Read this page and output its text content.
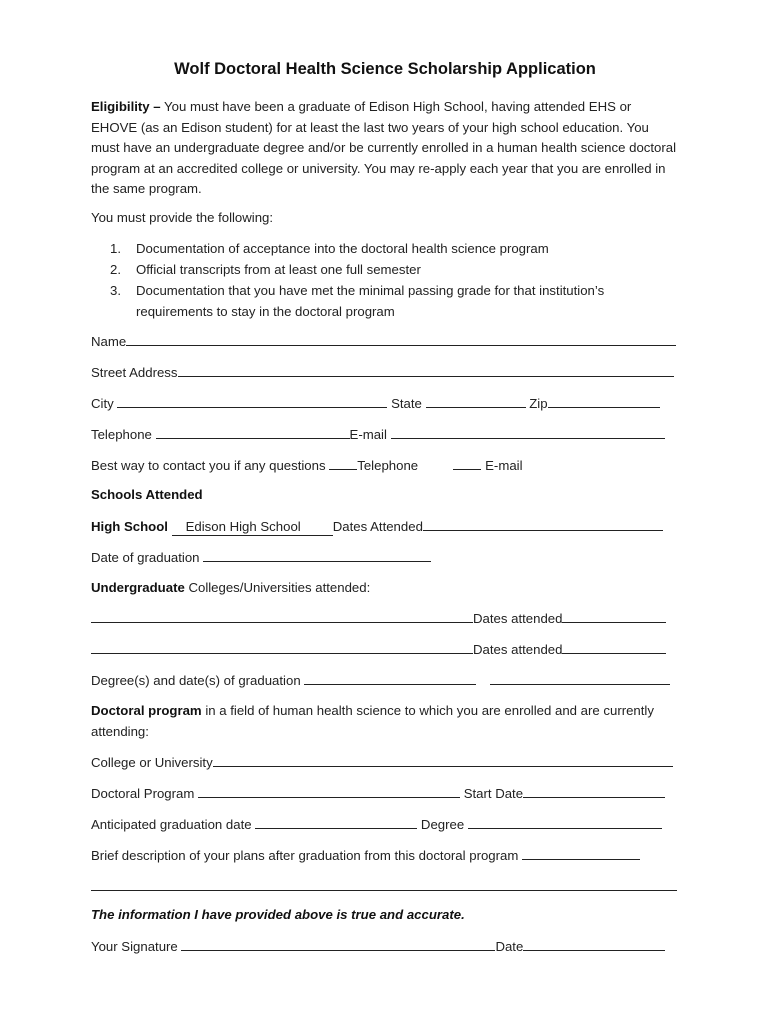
Wolf Doctoral Health Science Scholarship Application
Eligibility – You must have been a graduate of Edison High School, having attended EHS or EHOVE (as an Edison student) for at least the last two years of your high school education. You must have an undergraduate degree and/or be currently enrolled in a human health science doctoral program at an accredited college or university. You may re-apply each year that you are enrolled in the same program.
You must provide the following:
1.	Documentation of acceptance into the doctoral health science program
2.	Official transcripts from at least one full semester
3.	Documentation that you have met the minimal passing grade for that institution’s requirements to stay in the doctoral program
Name
Street Address
City	State	Zip
Telephone	E-mail
Best way to contact you if any questions Telephone	E-mail
Schools Attended
High School Edison High School Dates Attended
Date of graduation
Undergraduate Colleges/Universities attended:
Dates attended
Dates attended
Degree(s) and date(s) of graduation
Doctoral program in a field of human health science to which you are enrolled and are currently attending:
College or University
Doctoral Program	Start Date
Anticipated graduation date	Degree
Brief description of your plans after graduation from this doctoral program
The information I have provided above is true and accurate.
Your Signature	Date
